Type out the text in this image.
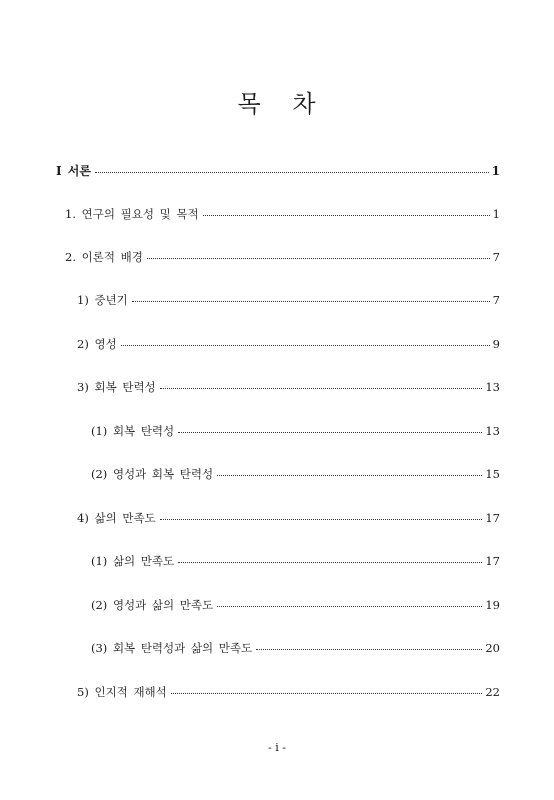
목 차
Ⅰ 서론	1
1. 연구의 필요성 및 목적	1
2. 이론적 배경	7
1) 중년기	7
2) 영성	9
3) 회복 탄력성	13
(1) 회복 탄력성	13
(2) 영성과 회복 탄력성	15
4) 삶의 만족도	17
(1) 삶의 만족도	17
(2) 영성과 삶의 만족도	19
(3) 회복 탄력성과 삶의 만족도	20
5) 인지적 재해석	22
- i -
